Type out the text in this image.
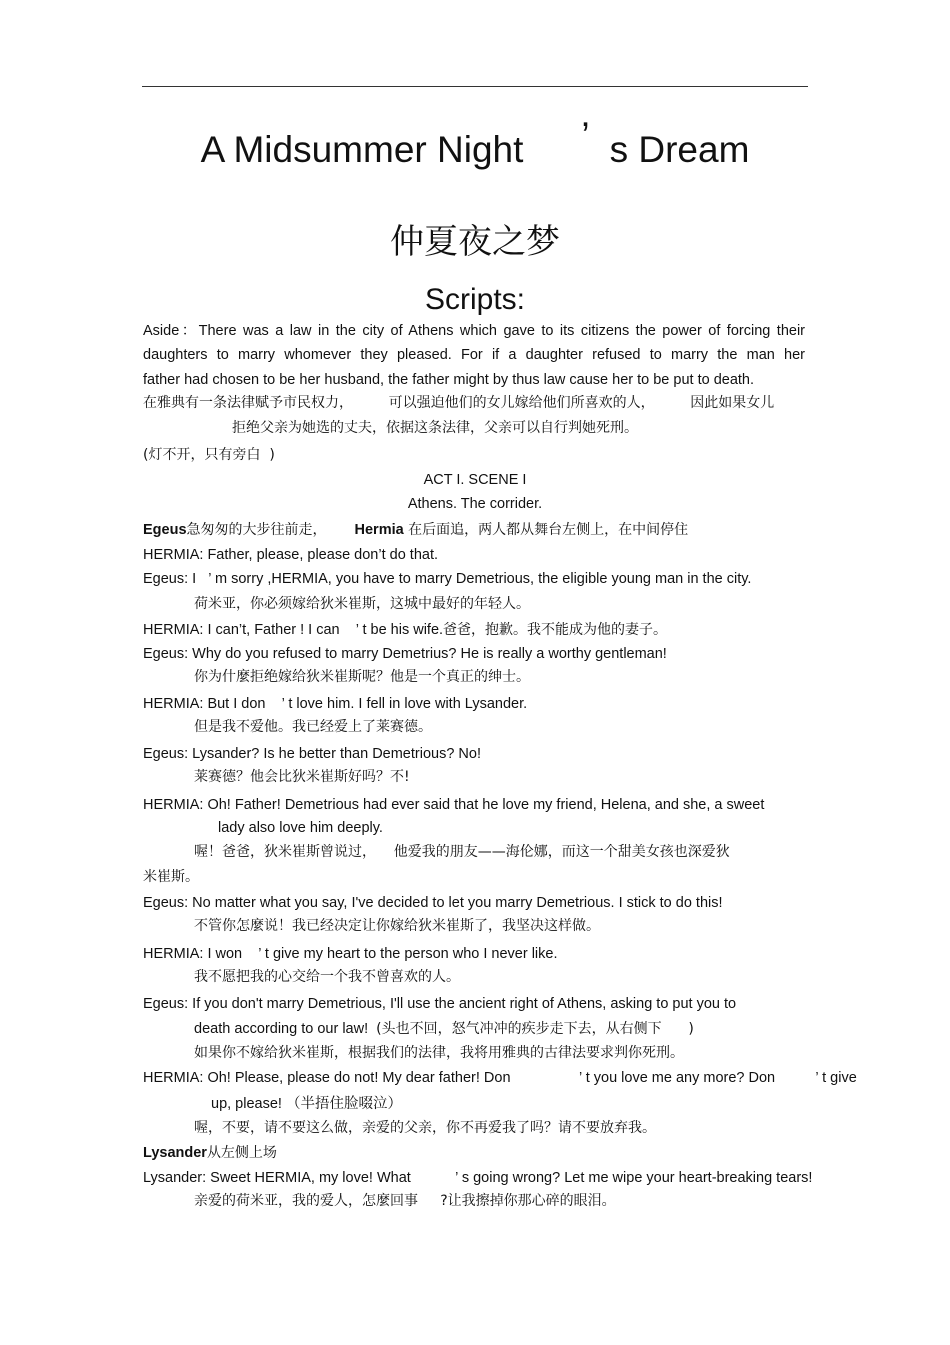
A Midsummer Night ’ s Dream
仲夏夜之梦
Scripts:
Aside：There was a law in the city of Athens which gave to its citizens the power of forcing their
daughters to marry whomever they pleased. For if a daughter refused to marry the man her
father had chosen to be her husband, the father might by thus law cause her to be put to death.
在雅典有一条法律赋予市民权力，        可以强迫他们的女儿嫁给他们所喜欢的人，        因此如果女儿
拒绝父亲为她选的丈夫，依据这条法律，父亲可以自行判她死刑。
(灯不开，只有旁白  )
ACT I. SCENE I
Athens. The corrider.
Egeus急匆匆的大步往前走， Hermia 在后面追，两人都从舞台左侧上，在中间停住
HERMIA: Father, please, please don’t do that.
Egeus: I   ’ m sorry ,HERMIA, you have to marry Demetrious, the eligible young man in the city.
荷米亚，你必须嫁给狄米崔斯，这城中最好的年轻人。
HERMIA: I can’t, Father ! I can    ’ t be his wife.爸爸，抱歉。我不能成为他的妻子。
Egeus: Why do you refused to marry Demetrius? He is really a worthy gentleman!
你为什麼拒绝嫁给狄米崔斯呢？他是一个真正的绅士。
HERMIA: But I don    ’ t love him. I fell in love with Lysander.
但是我不爱他。我已经爱上了莱赛德。
Egeus: Lysander? Is he better than Demetrious? No!
莱赛德？他会比狄米崔斯好吗？不!
HERMIA: Oh! Father! Demetrious had ever said that he love my friend, Helena, and she, a sweet
lady also love him deeply.
喔！爸爸，狄米崔斯曾说过，    他爱我的朋友——海伦娜，而这一个甜美女孩也深爱狄
米崔斯。
Egeus: No matter what you say, I've decided to let you marry Demetrious. I stick to do this!
不管你怎麼说！我已经决定让你嫁给狄米崔斯了，我坚决这样做。
HERMIA: I won    ’ t give my heart to the person who I never like.
我不愿把我的心交给一个我不曾喜欢的人。
Egeus: If you don't marry Demetrious, I'll use the ancient right of Athens, asking to put you to
death according to our law!  (头也不回，怒气冲冲的疾步走下去，从右侧下      )
如果你不嫁给狄米崔斯，根据我们的法律，我将用雅典的古律法要求判你死刑。
HERMIA: Oh! Please, please do not! My dear father! Don                 ’ t you love me any more? Don          ’ t give
up, please! （半捂住脸啜泣）
喔，不要，请不要这么做，亲爱的父亲，你不再爱我了吗？请不要放弃我。
Lysander从左侧上场
Lysander: Sweet HERMIA, my love! What           ’ s going wrong? Let me wipe your heart-breaking tears!
亲爱的荷米亚，我的爱人，怎麼回事     ?让我擦掉你那心碎的眼泪。
